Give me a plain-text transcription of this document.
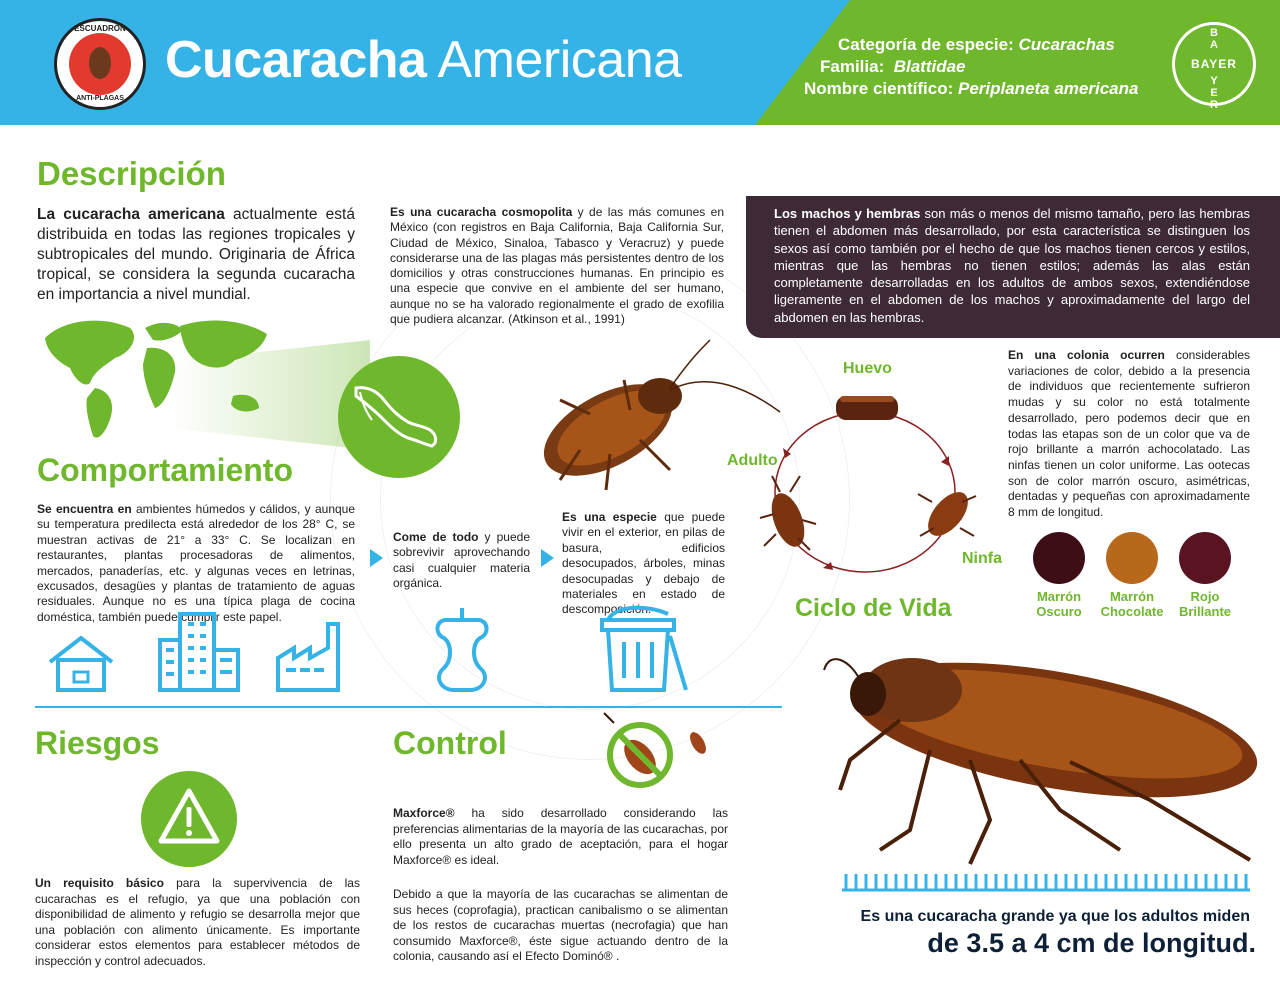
ESCUADRÓN
ANTI-PLAGAS
Cucaracha Americana	Categoría de especie: Cucarachas
Familia: Blattidae
Nombre científico: Periplaneta americana
B
A

Y
E
R

BAYER
Descripción
La cucaracha americana actualmente está distribuida en todas las regiones tropicales y subtropicales del mundo. Originaria de África tropical, se considera la segunda cucaracha en importancia a nivel mundial.
Es una cucaracha cosmopolita y de las más comunes en México (con registros en Baja California, Baja California Sur, Ciudad de México, Sinaloa, Tabasco y Veracruz) y puede considerarse una de las plagas más persistentes dentro de los domicilios y otras construcciones humanas. En principio es una especie que convive en el ambiente del ser humano, aunque no se ha valorado regionalmente el grado de exofilia que pudiera alcanzar. (Atkinson et al., 1991)
Los machos y hembras son más o menos del mismo tamaño, pero las hembras tienen el abdomen más desarrollado, por esta característica se distinguen los sexos así como también por el hecho de que los machos tienen cercos y estilos, mientras que las hembras no tienen estilos; además las alas están completamente desarrolladas en los adultos de ambos sexos, extendiéndose ligeramente en el abdomen de los machos y aproximadamente del largo del abdomen en las hembras.
Comportamiento
Se encuentra en ambientes húmedos y cálidos, y aunque su temperatura predilecta está alrededor de los 28° C, se muestran activas de 21° a 33° C. Se localizan en restaurantes, plantas procesadoras de alimentos, mercados, panaderías, etc. y algunas veces en letrinas, excusados, desagües y plantas de tratamiento de aguas residuales. Aunque no es una típica plaga de cocina doméstica, también puede cumplir este papel.
Come de todo y puede sobrevivir aprovechando casi cualquier materia orgánica.
Es una especie que puede vivir en el exterior, en pilas de basura, edificios desocupados, árboles, minas desocupadas y debajo de materiales en estado de descomposición.
Huevo
Adulto
Ninfa
Ciclo de Vida
En una colonia ocurren considerables variaciones de color, debido a la presencia de individuos que recientemente sufrieron mudas y su color no está totalmente desarrollado, pero podemos decir que en todas las etapas son de un color que va de rojo brillante a marrón achocolatado. Las ninfas tienen un color uniforme. Las ootecas son de color marrón oscuro, asimétricas, dentadas y pequeñas con aproximadamente 8 mm de longitud.
Marrón
Oscuro
Marrón
Chocolate
Rojo
Brillante
Es una cucaracha grande ya que los adultos miden
de 3.5 a 4 cm de longitud.
Riesgos
Un requisito básico para la supervivencia de las cucarachas es el refugio, ya que una población con disponibilidad de alimento y refugio se desarrolla mejor que una población con alimento únicamente. Es importante considerar estos elementos para establecer métodos de inspección y control adecuados.
Control
Maxforce® ha sido desarrollado considerando las preferencias alimentarias de la mayoría de las cucarachas, por ello presenta un alto grado de aceptación, para el hogar Maxforce® es ideal.
Debido a que la mayoría de las cucarachas se alimentan de sus heces (coprofagia), practican canibalismo o se alimentan de los restos de cucarachas muertas (necrofagia) que han consumido Maxforce®, éste sigue actuando dentro de la colonia, causando así el Efecto Dominó® .
